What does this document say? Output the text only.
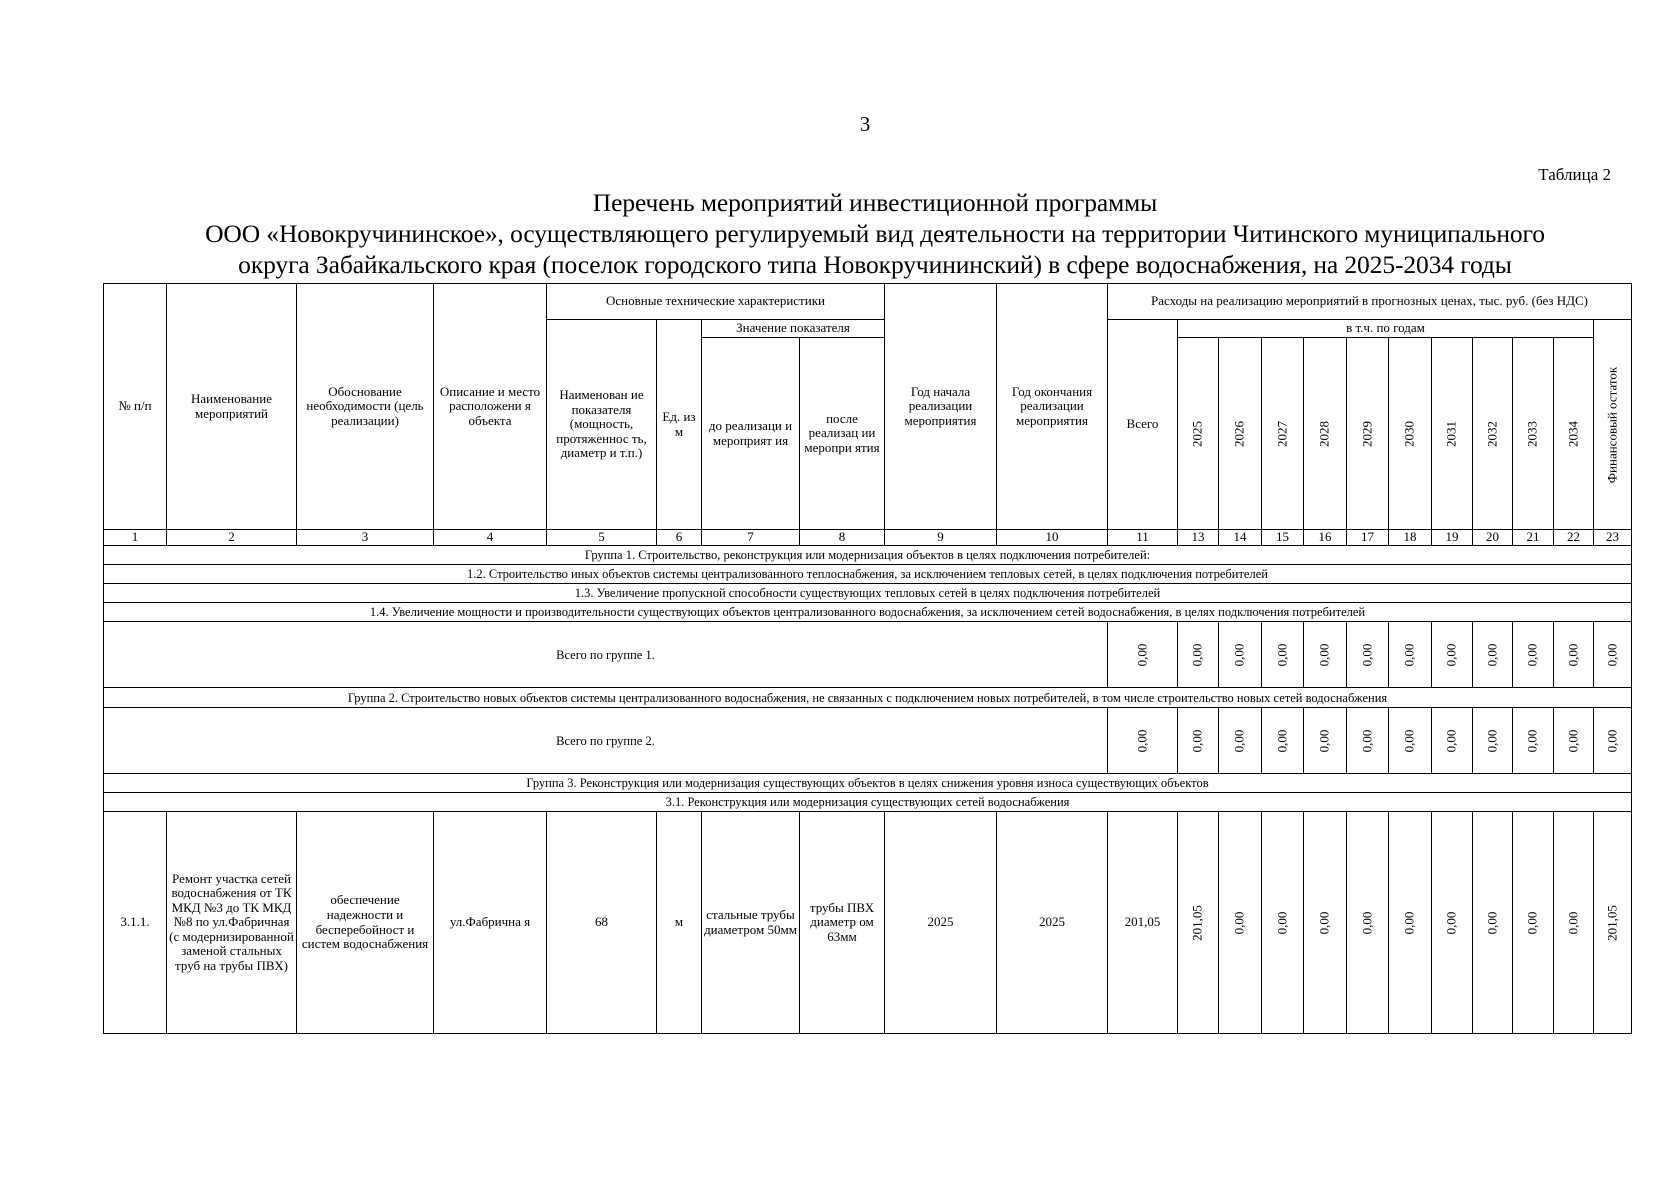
3
Таблица 2
Перечень мероприятий инвестиционной программы
ООО «Новокручининское», осуществляющего регулируемый вид деятельности на территории Читинского муниципального
округа Забайкальского края (поселок городского типа Новокручининский) в сфере водоснабжения, на 2025-2034 годы
№ п/п	Наименование мероприятий	Обоснование необходимости (цель реализации)	Описание и место расположени я объекта	Основные технические характеристики				Год начала реализации мероприятия	Год окончания реализации мероприятия	Расходы на реализацию мероприятий в прогнозных ценах, тыс. руб. (без НДС)											
				Наименован ие показателя (мощность, протяженнос ть, диаметр и т.п.)	Ед. из м	Значение показателя				Всего	в т.ч. по годам										Финансовый остаток

						до реализаци и мероприят ия	после реализац ии меропри ятия				2025	2026	2027	2028	2029	2030	2031	2032	2033	2034	

1	2	3	4	5	6	7	8	9	10	11	13	14	15	16	17	18	19	20	21	22	23
Группа 1. Строительство, реконструкция или модернизация объектов в целях подключения потребителей:																					
1.2. Строительство иных объектов системы централизованного теплоснабжения, за исключением тепловых сетей, в целях подключения потребителей																					
1.3. Увеличение пропускной способности существующих тепловых сетей в целях подключения потребителей																					
1.4. Увеличение мощности и производительности существующих объектов централизованного водоснабжения, за исключением сетей водоснабжения, в целях подключения потребителей																					
Всего по группе 1.										0,00	0,00	0,00	0,00	0,00	0,00	0,00	0,00	0,00	0,00	0,00	0,00

Группа 2. Строительство новых объектов системы централизованного водоснабжения, не связанных с подключением новых потребителей, в том числе строительство новых сетей водоснабжения																					
Всего по группе 2.										0,00	0,00	0,00	0,00	0,00	0,00	0,00	0,00	0,00	0,00	0,00	0,00

Группа 3. Реконструкция или модернизация существующих объектов в целях снижения уровня износа существующих объектов																					
3.1. Реконструкция или модернизация существующих сетей водоснабжения																					
3.1.1.	Ремонт участка сетей водоснабжения от ТК МКД №3 до ТК МКД №8 по ул.Фабричная (с модернизированной заменой стальных труб на трубы ПВХ)	обеспечение надежности и бесперебойност и систем водоснабжения	ул.Фабрична я	68	м	стальные трубы диаметром 50мм	трубы ПВХ диаметр ом 63мм	2025	2025	201,05	201,05	0,00	0,00	0,00	0,00	0,00	0,00	0,00	0,00	0,00	201,05
